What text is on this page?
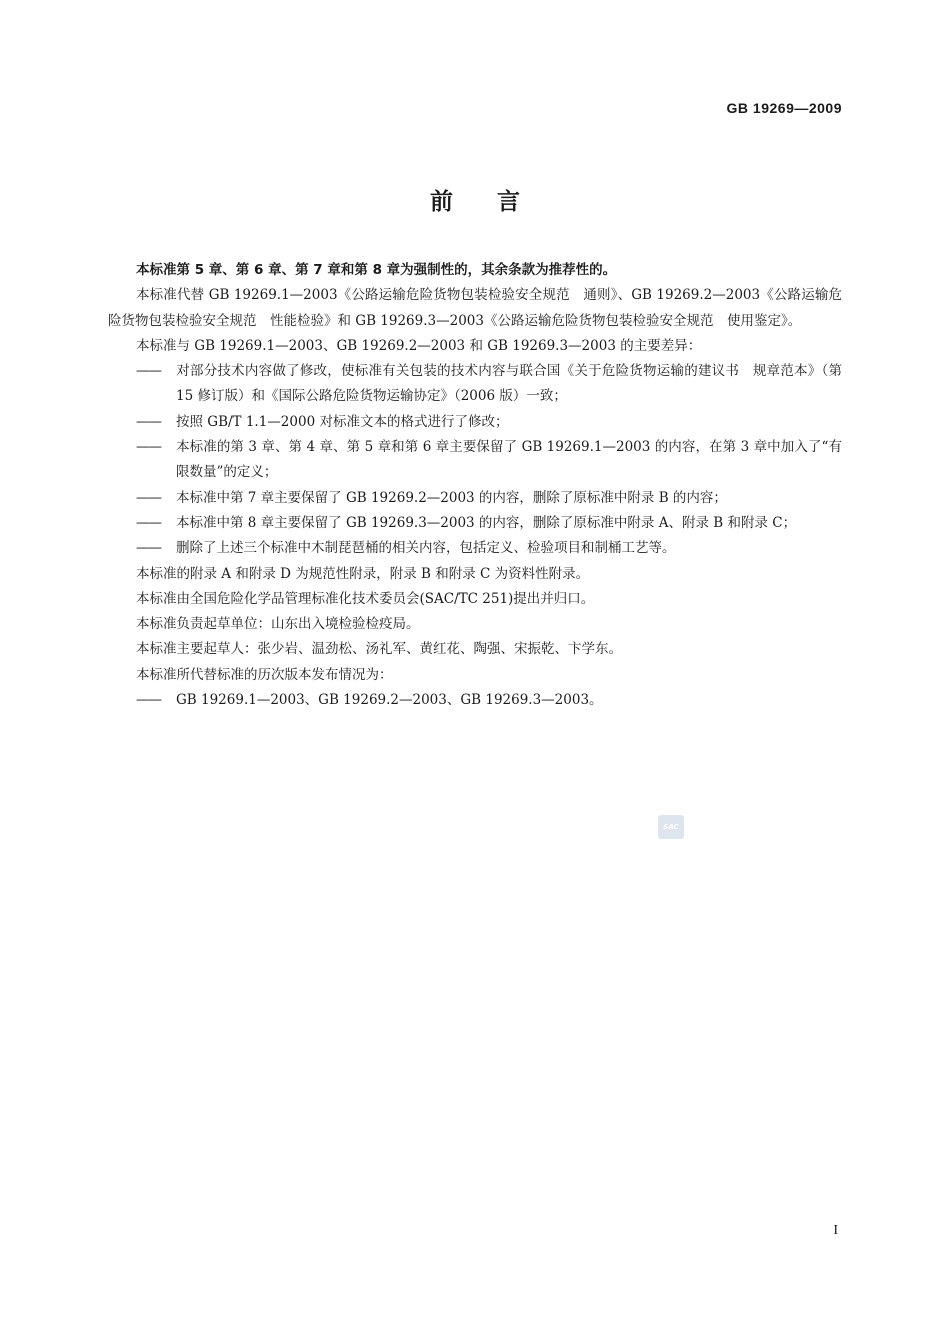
GB 19269—2009
前言

本标准第 5 章、第 6 章、第 7 章和第 8 章为强制性的，其余条款为推荐性的。

本标准代替 GB 19269.1—2003《公路运输危险货物包装检验安全规范　通则》、GB 19269.2—2003《公路运输危险货物包装检验安全规范　性能检验》和 GB 19269.3—2003《公路运输危险货物包装检验安全规范　使用鉴定》。

本标准与 GB 19269.1—2003、GB 19269.2—2003 和 GB 19269.3—2003 的主要差异：

—— 对部分技术内容做了修改，使标准有关包装的技术内容与联合国《关于危险货物运输的建议书　规章范本》（第 15 修订版）和《国际公路危险货物运输协定》（2006 版）一致；

—— 按照 GB/T 1.1—2000 对标准文本的格式进行了修改；

—— 本标准的第 3 章、第 4 章、第 5 章和第 6 章主要保留了 GB 19269.1—2003 的内容，在第 3 章中加入了“有限数量”的定义；

—— 本标准中第 7 章主要保留了 GB 19269.2—2003 的内容，删除了原标准中附录 B 的内容；

—— 本标准中第 8 章主要保留了 GB 19269.3—2003 的内容，删除了原标准中附录 A、附录 B 和附录 C；

—— 删除了上述三个标准中木制琵琶桶的相关内容，包括定义、检验项目和制桶工艺等。

本标准的附录 A 和附录 D 为规范性附录，附录 B 和附录 C 为资料性附录。

本标准由全国危险化学品管理标准化技术委员会(SAC/TC 251)提出并归口。

本标准负责起草单位：山东出入境检验检疫局。

本标准主要起草人：张少岩、温劲松、汤礼军、黄红花、陶强、宋振乾、卞学东。

本标准所代替标准的历次版本发布情况为：

—— GB 19269.1—2003、GB 19269.2—2003、GB 19269.3—2003。

SAC
I
